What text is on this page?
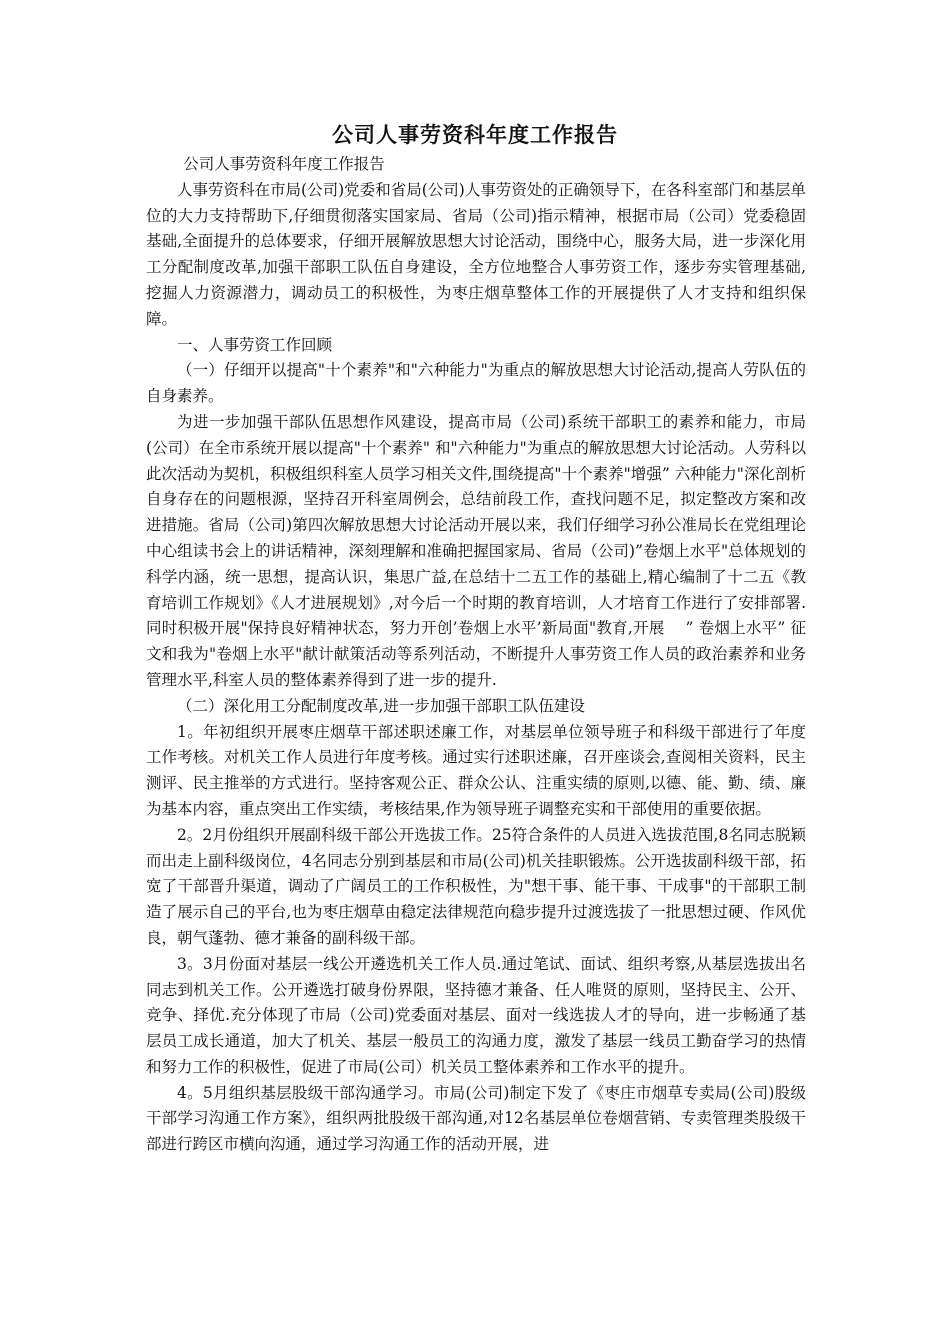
公司人事劳资科年度工作报告

公司人事劳资科年度工作报告

人事劳资科在市局(公司)党委和省局(公司)人事劳资处的正确领导下，在各科室部门和基层单位的大力支持帮助下,仔细贯彻落实国家局、省局（公司)指示精神，根据市局（公司）党委稳固基础,全面提升的总体要求，仔细开展解放思想大讨论活动，围绕中心，服务大局，进一步深化用工分配制度改革,加强干部职工队伍自身建设，全方位地整合人事劳资工作，逐步夯实管理基础,挖掘人力资源潜力，调动员工的积极性，为枣庄烟草整体工作的开展提供了人才支持和组织保障。

一、人事劳资工作回顾

（一）仔细开以提高"十个素养"和"六种能力"为重点的解放思想大讨论活动,提高人劳队伍的自身素养。

为进一步加强干部队伍思想作风建设，提高市局（公司)系统干部职工的素养和能力，市局(公司）在全市系统开展以提高"十个素养" 和"六种能力"为重点的解放思想大讨论活动。人劳科以此次活动为契机，积极组织科室人员学习相关文件,围绕提高"十个素养"增强” 六种能力"深化剖析自身存在的问题根源，坚持召开科室周例会，总结前段工作，查找问题不足，拟定整改方案和改进措施。省局（公司)第四次解放思想大讨论活动开展以来，我们仔细学习孙公准局长在党组理论中心组读书会上的讲话精神，深刻理解和准确把握国家局、省局（公司)”卷烟上水平"总体规划的科学内涵，统一思想，提高认识，集思广益,在总结十二五工作的基础上,精心编制了十二五《教育培训工作规划》《人才进展规划》,对今后一个时期的教育培训，人才培育工作进行了安排部署.同时积极开展"保持良好精神状态，努力开创’卷烟上水平’新局面"教育,开展 　” 卷烟上水平” 征文和我为"卷烟上水平"献计献策活动等系列活动，不断提升人事劳资工作人员的政治素养和业务管理水平,科室人员的整体素养得到了进一步的提升.

（二）深化用工分配制度改革,进一步加强干部职工队伍建设

1。年初组织开展枣庄烟草干部述职述廉工作，对基层单位领导班子和科级干部进行了年度工作考核。对机关工作人员进行年度考核。通过实行述职述廉，召开座谈会,查阅相关资料，民主测评、民主推举的方式进行。坚持客观公正、群众公认、注重实绩的原则,以德、能、勤、绩、廉为基本内容，重点突出工作实绩，考核结果,作为领导班子调整充实和干部使用的重要依据。

2。2月份组织开展副科级干部公开选拔工作。25符合条件的人员进入选拔范围,8名同志脱颖而出走上副科级岗位，4名同志分别到基层和市局(公司)机关挂职锻炼。公开选拔副科级干部，拓宽了干部晋升渠道，调动了广阔员工的工作积极性，为"想干事、能干事、干成事"的干部职工制造了展示自己的平台,也为枣庄烟草由稳定法律规范向稳步提升过渡选拔了一批思想过硬、作风优良，朝气蓬勃、德才兼备的副科级干部。

3。3月份面对基层一线公开遴选机关工作人员.通过笔试、面试、组织考察,从基层选拔出名同志到机关工作。公开遴选打破身份界限，坚持德才兼备、任人唯贤的原则，坚持民主、公开、竞争、择优.充分体现了市局（公司)党委面对基层、面对一线选拔人才的导向，进一步畅通了基层员工成长通道，加大了机关、基层一般员工的沟通力度，激发了基层一线员工勤奋学习的热情和努力工作的积极性，促进了市局(公司）机关员工整体素养和工作水平的提升。

4。5月组织基层股级干部沟通学习。市局(公司)制定下发了《枣庄市烟草专卖局(公司)股级干部学习沟通工作方案》，组织两批股级干部沟通,对12名基层单位卷烟营销、专卖管理类股级干部进行跨区市横向沟通，通过学习沟通工作的活动开展，进
